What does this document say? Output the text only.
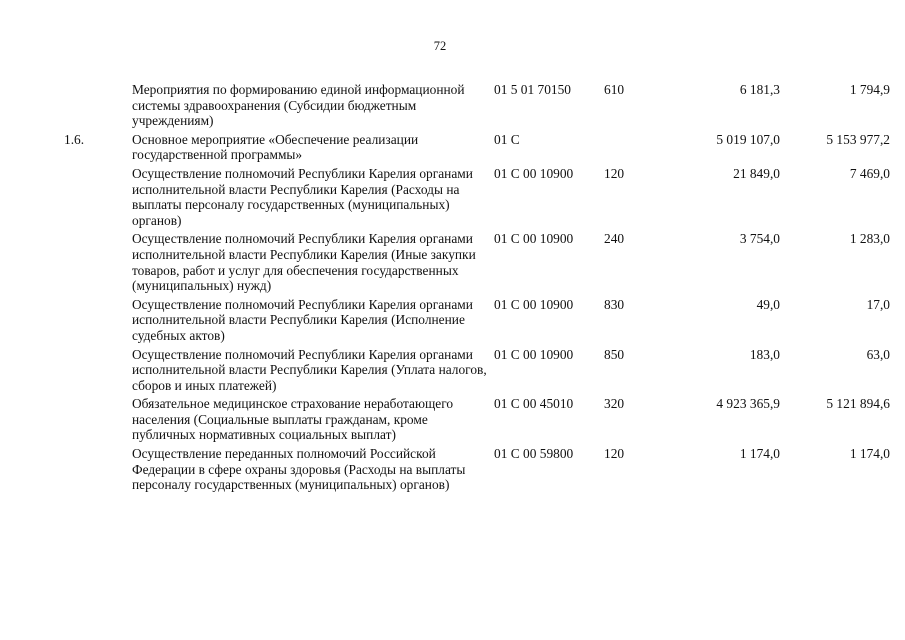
72
	Мероприятия по формированию единой информационной системы здравоохранения (Субсидии бюджетным учреждениям)	01 5 01 70150	610	6 181,3	1 794,9
1.6.	Основное мероприятие «Обеспечение реализации государственной программы»	01 С		5 019 107,0	5 153 977,2
	Осуществление полномочий Республики Карелия органами исполнительной власти Республики Карелия (Расходы на выплаты персоналу государственных (муниципальных) органов)	01 С 00 10900	120	21 849,0	7 469,0
	Осуществление полномочий Республики Карелия органами исполнительной власти Республики Карелия (Иные закупки товаров, работ и услуг для обеспечения государственных (муниципальных) нужд)	01 С 00 10900	240	3 754,0	1 283,0
	Осуществление полномочий Республики Карелия органами исполнительной власти Республики Карелия (Исполнение судебных актов)	01 С 00 10900	830	49,0	17,0
	Осуществление полномочий Республики Карелия органами исполнительной власти Республики Карелия (Уплата налогов, сборов и иных платежей)	01 С 00 10900	850	183,0	63,0
	Обязательное медицинское страхование неработающего населения (Социальные выплаты гражданам, кроме публичных нормативных социальных выплат)	01 С 00 45010	320	4 923 365,9	5 121 894,6
	Осуществление переданных полномочий Российской Федерации в сфере охраны здоровья (Расходы на выплаты персоналу государственных (муниципальных) органов)	01 С 00 59800	120	1 174,0	1 174,0
